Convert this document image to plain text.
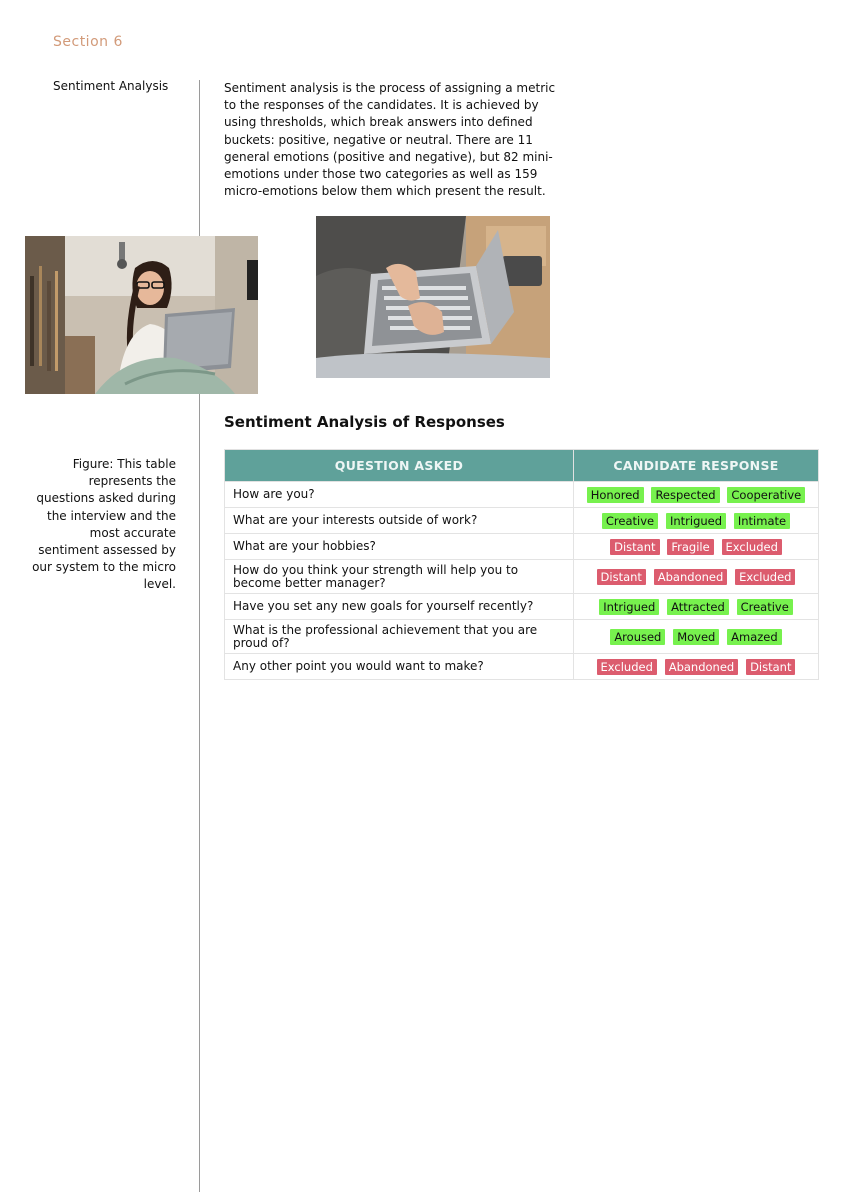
Section 6
Sentiment Analysis	Sentiment analysis is the process of assigning a metric to the responses of the candidates. It is achieved by using thresholds, which break answers into defined buckets: positive, negative or neutral. There are 11 general emotions (positive and negative), but 82 mini-emotions under those two categories as well as 159 micro-emotions below them which present the result.

Sentiment Analysis of Responses
Figure: This table represents the questions asked during the interview and the most accurate sentiment assessed by our system to the micro level.
QUESTION ASKED	CANDIDATE RESPONSE
How are you?	Honored Respected Cooperative
What are your interests outside of work?	Creative Intrigued Intimate
What are your hobbies?	Distant Fragile Excluded
How do you think your strength will help you to become better manager?	Distant Abandoned Excluded
Have you set any new goals for yourself recently?	Intrigued Attracted Creative
What is the professional achievement that you are proud of?	Aroused Moved Amazed
Any other point you would want to make?	Excluded Abandoned Distant
